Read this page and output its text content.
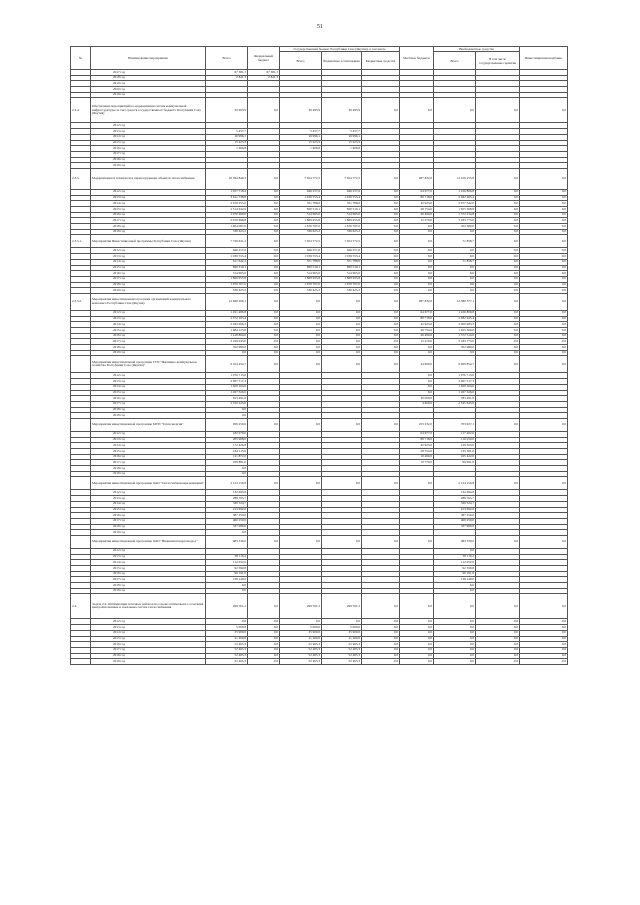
51
№	Наименование мероприятия	Всего	Федеральный бюджет	Государственный бюджет Республики Саха (Якутия), в том числе			Местные бюджеты	Внебюджетные средства		Инвестиционная надбавка	
				Всего	Бюджетные ассигнования	Бюджетные средства		Всего	В том числе государственные гарантии		
	2017 год	67 381,1	67 381,1								
	2018 год	2 841,3	2 841,3								
	2019 год										
	2020 год										
	2019 год										
2.3.4.	Обеспечение мероприятий по модернизации систем коммунальной инфраструктуры за счет средств государственного бюджета Республики Саха (Якутия)	39 483,9	0,0	39 483,9	39 483,9	0,0	0,0	0,0	0,0	0,0	
	2012 год										
	2013 год	5 457,7		5 457,7	5 457,7						
	2014 год	16 996,1		16 996,1	16 996,1						
	2015 год	15 423,3		15 423,3	15 423,3						
	2016 год	1 606,8		1 606,8	1 606,8						
	2017 год										
	2018 год										
	2019 год										
2.3.5.	Модернизация и техническое перевооружение объектов теплоснабжения	20 394 840,3	0,0	7 654 772,5	7 654 772,5	0,0	287 832,0	12 456 255,8	0,0	0,0	
	2012 год	1 957 718,4	0,0	646 257,6	646 257,6	0,0	64 677,0	1 226 806,8	0,0	0,0	
	2013 год	3 611 738,8	0,0	1 039 555,4	1 039 555,4	0,0	89 718,0	2 482 465,4	0,0	0,0	
	2014 год	2 676 255,6	0,0	551 788,0	551 788,0	0,0	42 923,0	2 077 542,0	0,0	0,0	
	2015 год	2 514 642,9	0,0	820 519,1	820 519,1	0,0	28 754,0	1 655 368,8	0,0	0,0	
	2016 год	1 970 469,6	0,0	514 665,0	514 665,0	0,0	46 490,0	1 372 234,8	0,0	0,0	
	2017 год	5 070 698,8	0,0	1 869 655,8	1 869 655,8	0,0	15 270,0	3 183 773,0	0,0	0,0	
	2018 год	1 404 087,0	0,0	1 676 707,0	1 676 707,0	0,0	0,0	352 580,0	0,0	0,0	
	2019 год	536 625,2	0,0	536 625,2	536 625,2	0,0	0,0	0,0	0,0	0,0	
2.3.5.1.	Мероприятия Инвестиционной программы Республики Саха (Якутия)	7 726 631,2	0,0	7 654 772,5	7 654 772,5	0,0	0,0	71 858,7	0,0	0,0	
	2012 год	646 257,6	0,0	646 257,6	646 257,6	0,0	0,0	0,0	0,0	0,0	
	2013 год	1 039 555,4	0,0	1 039 555,4	1 039 555,4	0,0	0,0	0,0	0,0	0,0	
	2014 год	611 642,3	0,0	551 788,0	551 788,0	0,0	0,0	71 858,7	0,0	0,0	
	2015 год	820 519,1	0,0	820 519,1	820 519,1	0,0	0,0	0,0	0,0	0,0	
	2016 год	514 665,0	0,0	514 665,0	514 665,0	0,0	0,0	0,0	0,0	0,0	
	2017 год	1 869 655,8	0,0	1 869 655,8	1 869 655,8	0,0	0,0	0,0	0,0	0,0	
	2018 год	1 676 707,0	0,0	1 676 707,0	1 676 707,0	0,0	0,0	0,0	0,0	0,0	
	2019 год	536 625,2	0,0	536 625,2	536 625,2	0,0	0,0	0,0	0,0	0,0	
2.3.5.2.	Мероприятия инвестиционных программ организаций коммунального комплекса Республики Саха (Якутия)	12 668 209,1	0,0	0,0	0,0	0,0	287 832,0	12 380 377,1	0,0	0,0	
	2012 год	1 291 486,8	0,0	0,0	0,0	0,0	64 677,0	1 226 809,8	0,0	0,0	
	2013 год	2 572 163,4	0,0	0,0	0,0	0,0	89 718,0	2 482 445,4	0,0	0,0	
	2014 год	2 043 606,2	0,0	0,0	0,0	0,0	42 923,0	2 000 683,2	0,0	0,0	
	2015 год	1 684 123,8	0,0	0,0	0,0	0,0	28 754,0	1 655 369,8	0,0	0,0	
	2016 год	1 418 804,6	0,0	0,0	0,0	0,0	46 490,0	1 372 314,6	0,0	0,0	
	2017 год	3 199 043,0	0,0	0,0	0,0	0,0	15 270,0	3 183 773,0	0,0	0,0	
	2018 год	352 980,0	0,0	0,0	0,0	0,0	0,0	352 980,0	0,0	0,0	
	2019 год	0,0	0,0	0,0	0,0	0,0	0,0	0,0	0,0	0,0	
	Мероприятия инвестиционной программы ГУП "Жилищно-коммунальное хозяйство Республики Саха (Якутия)"	9 104 454,7	0,0	0,0	0,0	0,0	34 600,0	9 069 854,7	0,0	0,0	
	2012 год	1 076 713,0					0,0	1 076 713,0			
	2013 год	2 067 517,3					0,0	2 067 517,3			
	2014 год	1 409 164,0					0,0	1 409 164,0			
	2015 год	1 267 326,0					0,0	1 267 326,0			
	2016 год	813 491,0					30 000,0	783 491,0			
	2017 год	2 550 243,0					4 600,0	2 545 643,0			
	2018 год	0,0									
	2019 год	0,0									
	Мероприятия инвестиционной программы МУП "Теплоэнергия"	956 250,0	0,0	0,0	0,0	0,0	253 232,0	703 027,1	0,0	0,0	
	2012 год	182 079,0					64 677,0	117 402,0			
	2013 год	205 968,0					89 718,0	116 250,0			
	2014 год	172 426,0					42 923,0	129 503,0			
	2015 год	164 115,0					28 754,0	135 361,0			
	2016 год	121 872,0					16 490,0	105 422,0			
	2017 год	109 881,0					10 770,0	99 091,0			
	2018 год	0,0									
	2019 год	0,0									
	Мероприятия инвестиционной программы ОАО "Теплоснабжающая компания"	2 124 156,8	0,0	0,0	0,0	0,0	0,0	2 124 156,8	0,0	0,0	
	2012 год	132 694,8						132 694,8			
	2013 год	288 765,7						288 765,7			
	2014 год	330 524,7						330 524,7			
	2015 год	213 092,0						213 092,0			
	2016 год	387 250,0						387 250,0			
	2017 год	400 250,0						400 250,0			
	2018 год	337 980,0						337 980,0			
	2019 год	0,0									
	Мероприятия инвестиционной программы ОАО "Нижнеянскэнерговодхоз"	483 339,0	0,0	0,0	0,0	0,0	0,0	483 339,0	0,0	0,0	
	2012 год							0,0			
	2013 год	38 116,2						38 116,2			
	2014 год	112 052,0						112 052,0			
	2015 год	92 590,8						92 590,8			
	2016 год	96 191,0						96 191,0			
	2017 год	138 149,0						138 149,0			
	2018 год	0,0						0,0			
	2019 год	0,0						0,0			
2.4.	Задача 2.4. Оптимизация тепловых районов на основе оптимального сочетания централизованных и локальных систем теплоснабжения	269 761,2	0,0	269 761,2	269 761,2	0,0	0,0	0,0	0,0	0,0	
	2012 год	0,0	0,0	0,0	0,0	0,0	0,0	0,0	0,0	0,0	
	2013 год	5 000,0	0,0	5 000,0	5 000,0	0,0	0,0	0,0	0,0	0,0	
	2014 год	35 900,0	0,0	35 900,0	35 900,0	0,0	0,0	0,0	0,0	0,0	
	2015 год	21 400,0	0,0	21 400,0	21 400,0	0,0	0,0	0,0	0,0	0,0	
	2016 год	52 465,3	0,0	52 465,3	52 465,3	0,0	0,0	0,0	0,0	0,0	
	2017 год	52 465,3	0,0	52 465,3	52 465,3	0,0	0,0	0,0	0,0	0,0	
	2018 год	52 465,3	0,0	52 465,3	52 465,3	0,0	0,0	0,0	0,0	0,0	
	2019 год	52 465,3	0,0	52 465,3	52 465,3	0,0	0,0	0,0	0,0	0,0	
